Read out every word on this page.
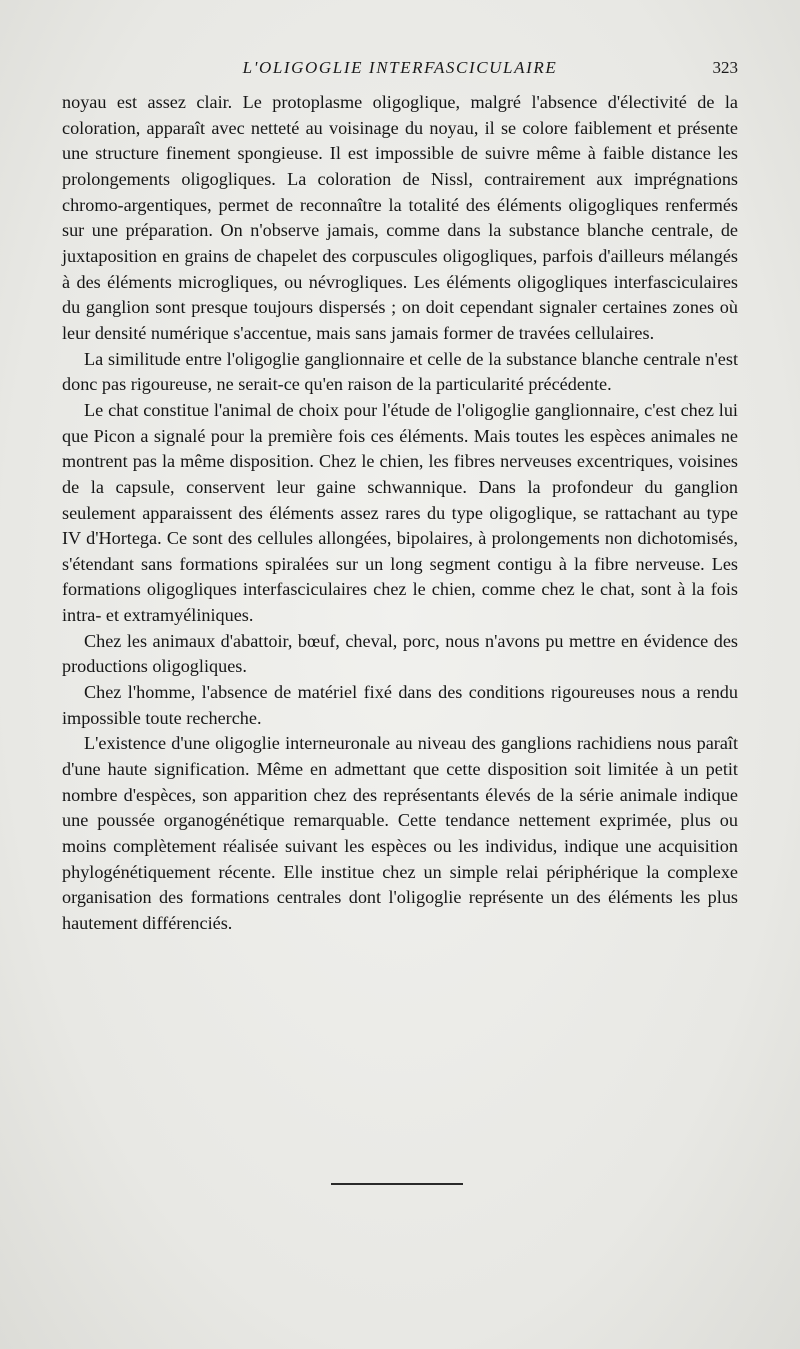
L'OLIGOGLIE INTERFASCICULAIRE	323

noyau est assez clair. Le protoplasme oligoglique, malgré l'absence d'électivité de la coloration, apparaît avec netteté au voisinage du noyau, il se colore faiblement et présente une structure finement spongieuse. Il est impossible de suivre même à faible distance les prolongements oligogliques. La coloration de Nissl, contrairement aux imprégnations chromo-argentiques, permet de reconnaître la totalité des éléments oligogliques renfermés sur une préparation. On n'observe jamais, comme dans la substance blanche centrale, de juxtaposition en grains de chapelet des corpuscules oligogliques, parfois d'ailleurs mélangés à des éléments microgliques, ou névrogliques. Les éléments oligogliques interfasciculaires du ganglion sont presque toujours dispersés ; on doit cependant signaler certaines zones où leur densité numérique s'accentue, mais sans jamais former de travées cellulaires.

La similitude entre l'oligoglie ganglionnaire et celle de la substance blanche centrale n'est donc pas rigoureuse, ne serait-ce qu'en raison de la particularité précédente.

Le chat constitue l'animal de choix pour l'étude de l'oligoglie ganglionnaire, c'est chez lui que Picon a signalé pour la première fois ces éléments. Mais toutes les espèces animales ne montrent pas la même disposition. Chez le chien, les fibres nerveuses excentriques, voisines de la capsule, conservent leur gaine schwannique. Dans la profondeur du ganglion seulement apparaissent des éléments assez rares du type oligoglique, se rattachant au type IV d'Hortega. Ce sont des cellules allongées, bipolaires, à prolongements non dichotomisés, s'étendant sans formations spiralées sur un long segment contigu à la fibre nerveuse. Les formations oligogliques interfasciculaires chez le chien, comme chez le chat, sont à la fois intra- et extramyéliniques.

Chez les animaux d'abattoir, bœuf, cheval, porc, nous n'avons pu mettre en évidence des productions oligogliques.

Chez l'homme, l'absence de matériel fixé dans des conditions rigoureuses nous a rendu impossible toute recherche.

L'existence d'une oligoglie interneuronale au niveau des ganglions rachidiens nous paraît d'une haute signification. Même en admettant que cette disposition soit limitée à un petit nombre d'espèces, son apparition chez des représentants élevés de la série animale indique une poussée organogénétique remarquable. Cette tendance nettement exprimée, plus ou moins complètement réalisée suivant les espèces ou les individus, indique une acquisition phylogénétiquement récente. Elle institue chez un simple relai périphérique la complexe organisation des formations centrales dont l'oligoglie représente un des éléments les plus hautement différenciés.
